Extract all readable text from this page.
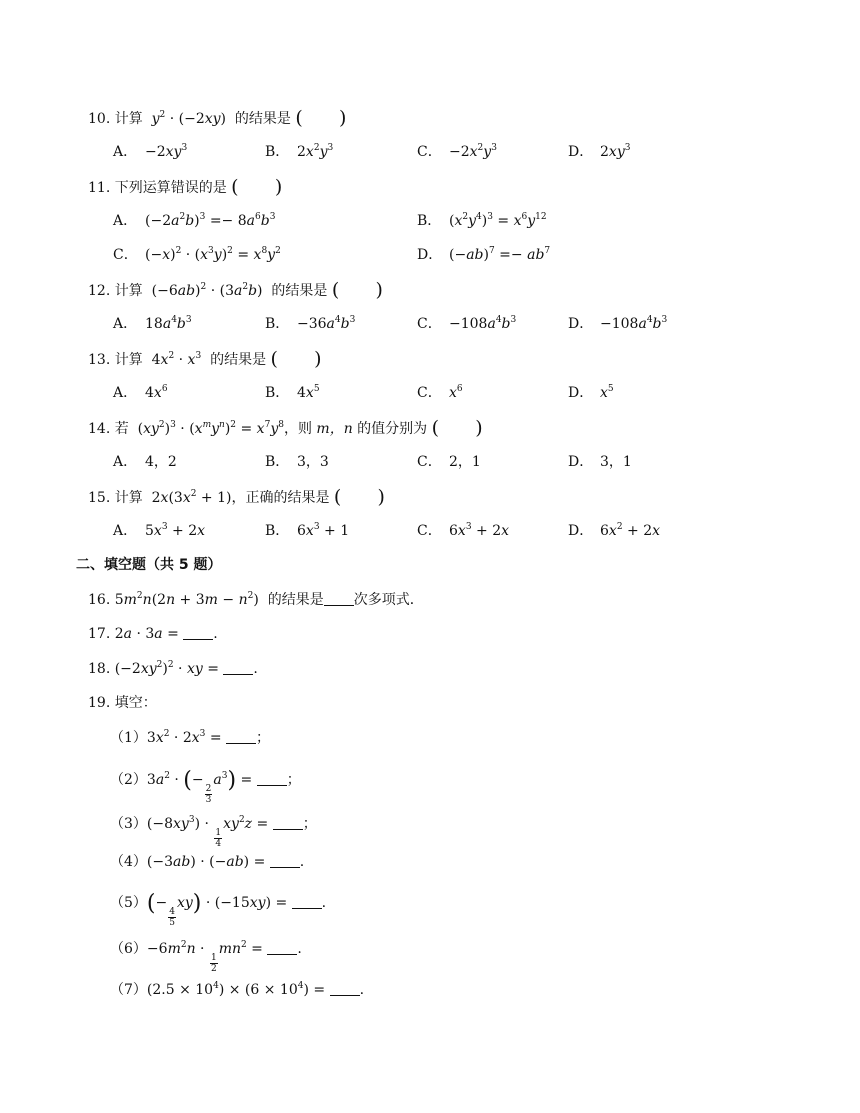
10. 计算 $y^2 \cdot (-2xy)$  的结果是 (      )
A． $-2xy^3$	B． $2x^2y^3$	C． $-2x^2y^3$	D． $2xy^3$
11. 下列运算错误的是 (      )
A． $(-2a^2b)^3 =- 8a^6b^3$	B． $(x^2y^4)^3 = x^6y^{12}$
C． $(-x)^2 \cdot (x^3y)^2 = x^8y^2$	D． $(-ab)^7 =- ab^7$
12. 计算  $(-6ab)^2 \cdot (3a^2b)$  的结果是 (      )
A． $18a^4b^3$	B． $-36a^4b^3$	C． $-108a^4b^3$	D． $-108a^4b^3$
13. 计算  $4x^2 \cdot x^3$ 的结果是 (      )
A． $4x^6$	B． $4x^5$	C． $x^6$	D． $x^5$
14. 若  $(xy^2)^3 \cdot (x^my^n)^2 = x^7y^8$，则 m，n 的值分别为 (      )
A． 4，2	B． 3，3	C． 2，1	D． 3，1
15. 计算  $2x(3x^2 + 1)$，正确的结果是 (      )
A． $5x^3 + 2x$	B． $6x^3 + 1$	C． $6x^3 + 2x$	D． $6x^2 + 2x$
二、填空题（共 5 题）
16. $5m^2n(2n + 3m - n^2)$  的结果是 次多项式．
17. 2a · 3a = .
18. $(-2xy^2)^2$ · xy = .
19. 填空：
$(1)3x^2 \cdot 2x^3$ = ；
$(2)3a^2$ · (−
$\frac{2}{3}$
$a^3$) = ；
$(3)(-8xy^3)$ ·
$\frac{1}{4}$
$xy^2z$ = ；
（4）(−3ab) · (−ab) = .
（5）(−
$\frac{4}{5}$
xy) · (−15xy) = .
$(6)-6m^2n$ ·
$\frac{1}{2}$
$mn^2$ = .
$(7)(2.5 \times 10^4) \times (6 \times 10^4)$ = .
